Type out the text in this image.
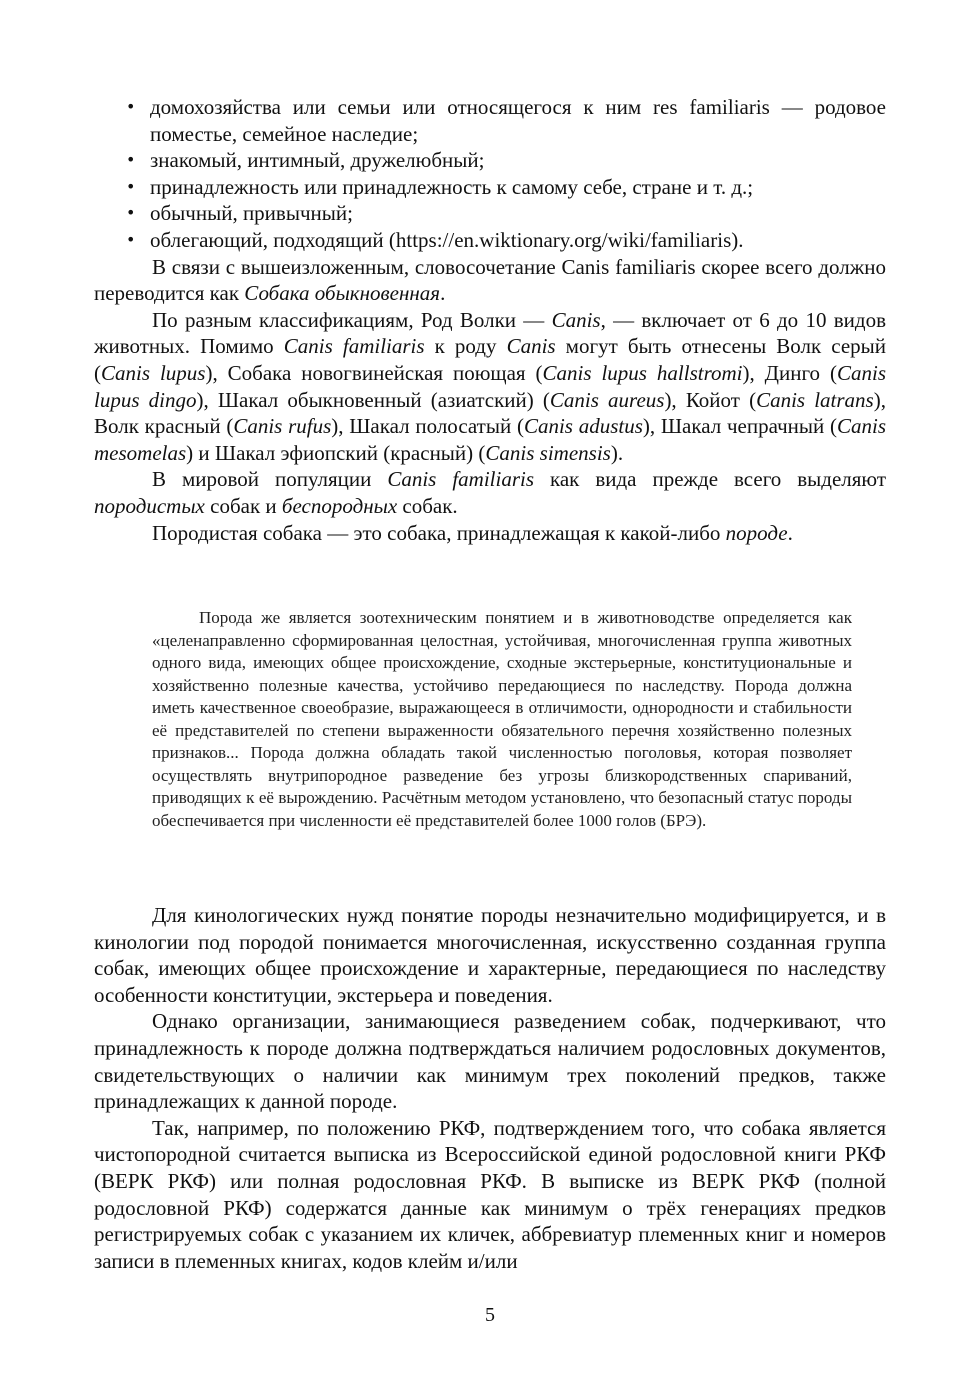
• домохозяйства или семьи или относящегося к ним res familiaris ― родовое поместье, семейное наследие;
• знакомый, интимный, дружелюбный;
• принадлежность или принадлежность к самому себе, стране и т. д.;
• обычный, привычный;
• облегающий, подходящий (https://en.wiktionary.org/wiki/familiaris).

В связи с вышеизложенным, словосочетание Canis familiaris скорее всего должно переводится как Собака обыкновенная.

По разным классификациям, Род Волки — Canis, — включает от 6 до 10 видов животных. Помимо Canis familiaris к роду Canis могут быть отнесены Волк серый (Canis lupus), Собака новогвинейская поющая (Canis lupus hallstromi), Динго (Canis lupus dingo), Шакал обыкновенный (азиатский) (Canis aureus), Койот (Canis latrans), Волк красный (Canis rufus), Шакал полосатый (Canis adustus), Шакал чепрачный (Canis mesomelas) и Шакал эфиопский (красный) (Canis simensis).

В мировой популяции Canis familiaris как вида прежде всего выделяют породистых собак и беспородных собак.

Породистая собака — это собака, принадлежащая к какой-либо породе.

Порода же является зоотехническим понятием и в животноводстве определяется как «целенаправленно сформированная целостная, устойчивая, многочисленная группа животных одного вида, имеющих общее происхождение, сходные экстерьерные, конституциональные и хозяйственно полезные качества, устойчиво передающиеся по наследству. Порода должна иметь качественное своеобразие, выражающееся в отличимости, однородности и стабильности её представителей по степени выраженности обязательного перечня хозяйственно полезных признаков... Порода должна обладать такой численностью поголовья, которая позволяет осуществлять внутрипородное разведение без угрозы близкородственных спариваний, приводящих к её вырождению. Расчётным методом установлено, что безопасный статус породы обеспечивается при численности её представителей более 1000 голов (БРЭ).

Для кинологических нужд понятие породы незначительно модифицируется, и в кинологии под породой понимается многочисленная, искусственно созданная группа собак, имеющих общее происхождение и характерные, передающиеся по наследству особенности конституции, экстерьера и поведения.

Однако организации, занимающиеся разведением собак, подчеркивают, что принадлежность к породе должна подтверждаться наличием родословных документов, свидетельствующих о наличии как минимум трех поколений предков, также принадлежащих к данной породе.

Так, например, по положению РКФ, подтверждением того, что собака является чистопородной считается выписка из Всероссийской единой родословной книги РКФ (ВЕРК РКФ) или полная родословная РКФ. В выписке из ВЕРК РКФ (полной родословной РКФ) содержатся данные как минимум о трёх генерациях предков регистрируемых собак с указанием их кличек, аббревиатур племенных книг и номеров записи в племенных книгах, кодов клейм и/или

5
